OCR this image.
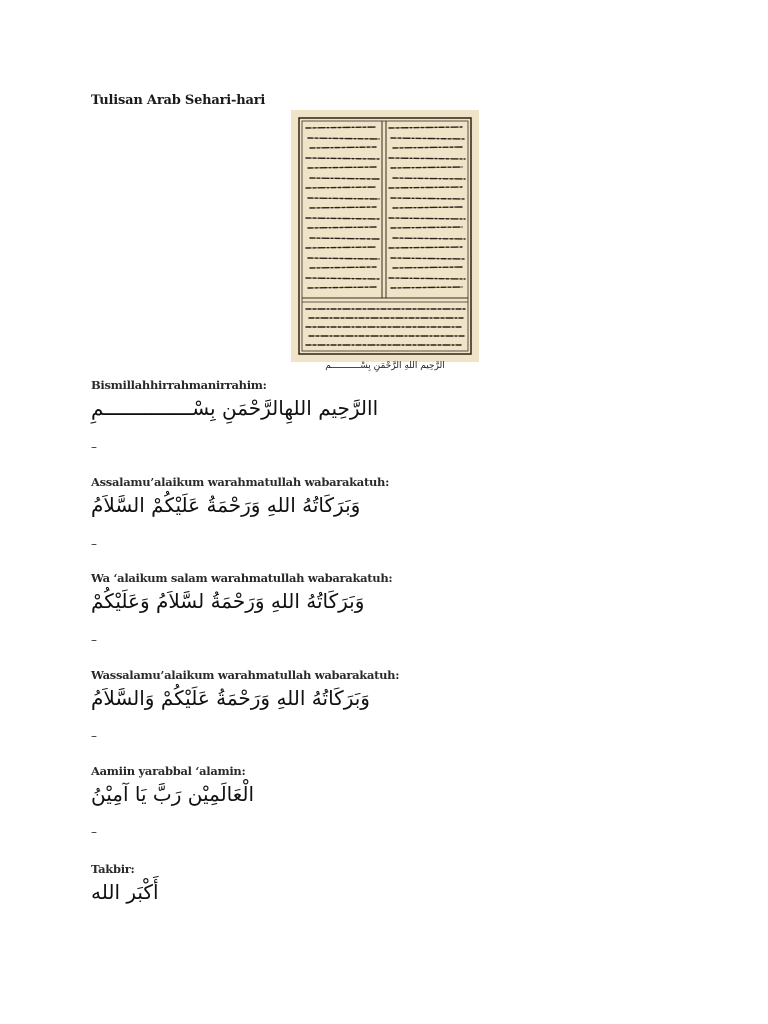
Tulisan Arab Sehari-hari
الرَّحِيم اللهِ الرَّحْمَنِ بِسْـــــــــــم

Bismillahhirrahmanirrahim:

االرَّحِيم اللهِالرَّحْمَنِ بِسْـــــــــــــــمِ

–

Assalamu’alaikum warahmatullah wabarakatuh:

وَبَرَكَاتُهُ اللهِ وَرَحْمَةُ عَلَيْكُمْ السَّلاَمُ

–

Wa ‘alaikum salam warahmatullah wabarakatuh:

وَبَرَكَاتُهُ اللهِ وَرَحْمَةُ لسَّلاَمُ وَعَلَيْكُمْ

–

Wassalamu’alaikum warahmatullah wabarakatuh:

وَبَرَكَاتُهُ اللهِ وَرَحْمَةُ عَلَيْكُمْ وَالسَّلاَمُ

–

Aamiin yarabbal ‘alamin:

الْعَالَمِيْن رَبَّ يَا آمِيْنُ

–

Takbir:

أَكْبَر الله
